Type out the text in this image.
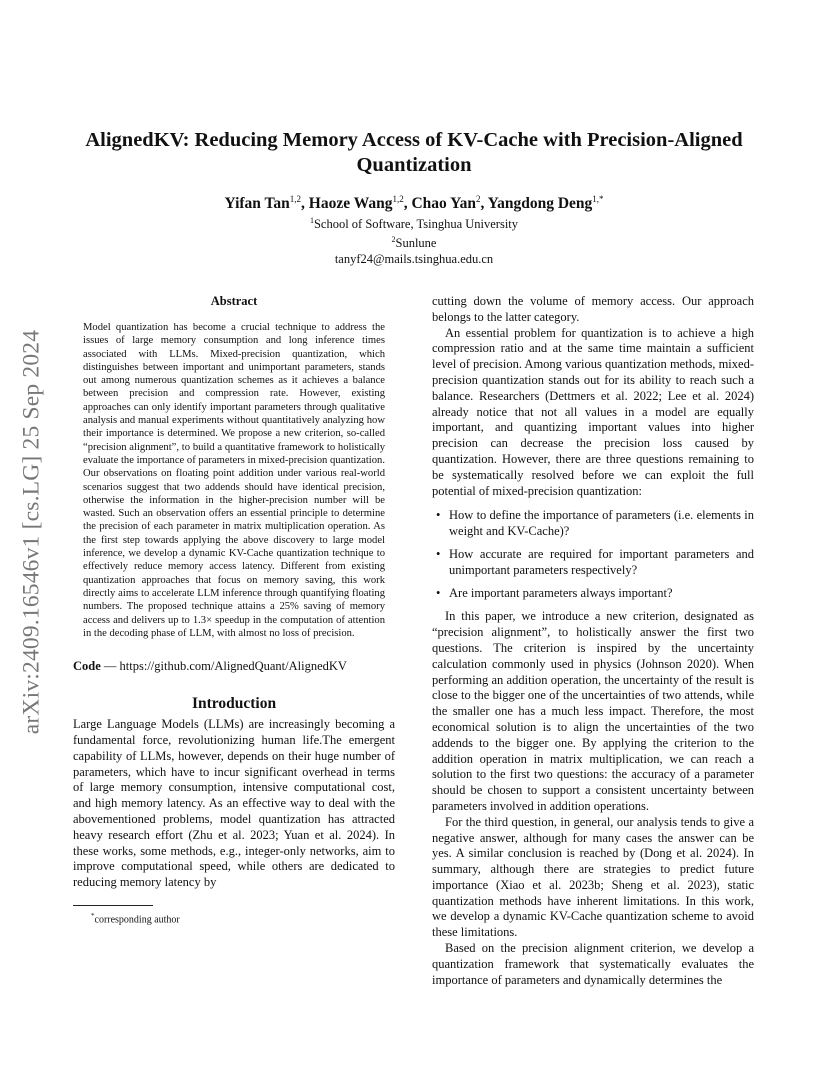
arXiv:2409.16546v1 [cs.LG] 25 Sep 2024
AlignedKV: Reducing Memory Access of KV-Cache with Precision-Aligned
Quantization
Yifan Tan$^{1,2}$, Haoze Wang$^{1,2}$, Chao Yan$^2$, Yangdong Deng$^{1,*}$
$^1$School of Software, Tsinghua University
$^2$Sunlune
tanyf24@mails.tsinghua.edu.cn
Abstract

Model quantization has become a crucial technique to address the issues of large memory consumption and long inference times associated with LLMs. Mixed-precision quantization, which distinguishes between important and unimportant parameters, stands out among numerous quantization schemes as it achieves a balance between precision and compression rate. However, existing approaches can only identify important parameters through qualitative analysis and manual experiments without quantitatively analyzing how their importance is determined. We propose a new criterion, so-called “precision alignment”, to build a quantitative framework to holistically evaluate the importance of parameters in mixed-precision quantization. Our observations on floating point addition under various real-world scenarios suggest that two addends should have identical precision, otherwise the information in the higher-precision number will be wasted. Such an observation offers an essential principle to determine the precision of each parameter in matrix multiplication operation. As the first step towards applying the above discovery to large model inference, we develop a dynamic KV-Cache quantization technique to effectively reduce memory access latency. Different from existing quantization approaches that focus on memory saving, this work directly aims to accelerate LLM inference through quantifying floating numbers. The proposed technique attains a 25% saving of memory access and delivers up to 1.3× speedup in the computation of attention in the decoding phase of LLM, with almost no loss of precision.

Code — https://github.com/AlignedQuant/AlignedKV
Introduction

Large Language Models (LLMs) are increasingly becoming a fundamental force, revolutionizing human life.The emergent capability of LLMs, however, depends on their huge number of parameters, which have to incur significant overhead in terms of large memory consumption, intensive computational cost, and high memory latency. As an effective way to deal with the abovementioned problems, model quantization has attracted heavy research effort (Zhu et al. 2023; Yuan et al. 2024). In these works, some methods, e.g., integer-only networks, aim to improve computational speed, while others are dedicated to reducing memory latency by

*corresponding author

cutting down the volume of memory access. Our approach belongs to the latter category.

An essential problem for quantization is to achieve a high compression ratio and at the same time maintain a sufficient level of precision. Among various quantization methods, mixed-precision quantization stands out for its ability to reach such a balance. Researchers (Dettmers et al. 2022; Lee et al. 2024) already notice that not all values in a model are equally important, and quantizing important values into higher precision can decrease the precision loss caused by quantization. However, there are three questions remaining to be systematically resolved before we can exploit the full potential of mixed-precision quantization:

• How to define the importance of parameters (i.e. elements in weight and KV-Cache)?
• How accurate are required for important parameters and unimportant parameters respectively?
• Are important parameters always important?

In this paper, we introduce a new criterion, designated as “precision alignment”, to holistically answer the first two questions. The criterion is inspired by the uncertainty calculation commonly used in physics (Johnson 2020). When performing an addition operation, the uncertainty of the result is close to the bigger one of the uncertainties of two attends, while the smaller one has a much less impact. Therefore, the most economical solution is to align the uncertainties of the two addends to the bigger one. By applying the criterion to the addition operation in matrix multiplication, we can reach a solution to the first two questions: the accuracy of a parameter should be chosen to support a consistent uncertainty between parameters involved in addition operations.

For the third question, in general, our analysis tends to give a negative answer, although for many cases the answer can be yes. A similar conclusion is reached by (Dong et al. 2024). In summary, although there are strategies to predict future importance (Xiao et al. 2023b; Sheng et al. 2023), static quantization methods have inherent limitations. In this work, we develop a dynamic KV-Cache quantization scheme to avoid these limitations.

Based on the precision alignment criterion, we develop a quantization framework that systematically evaluates the importance of parameters and dynamically determines the
